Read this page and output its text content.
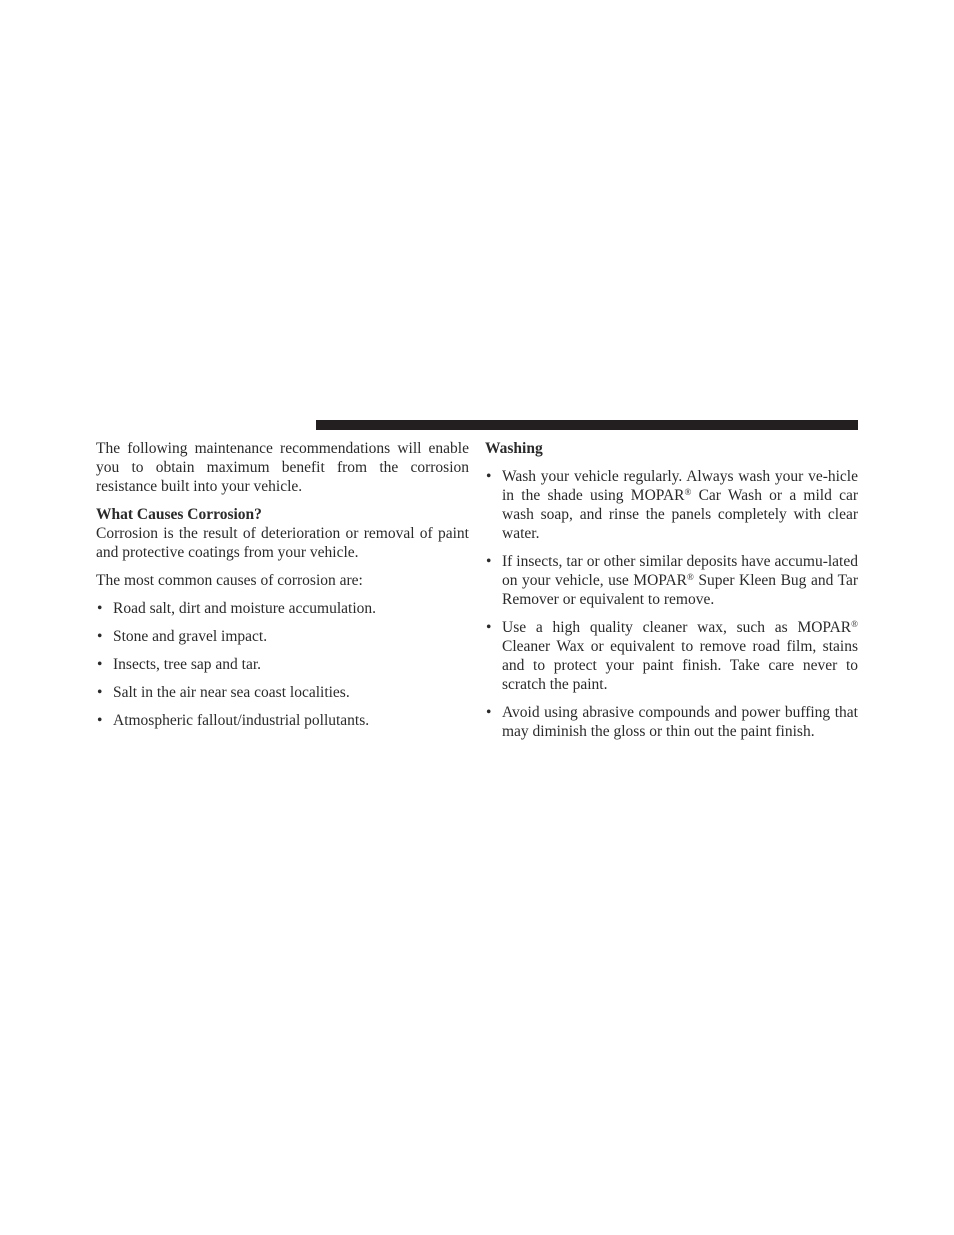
The following maintenance recommendations will enable you to obtain maximum benefit from the corrosion resistance built into your vehicle.

What Causes Corrosion?

Corrosion is the result of deterioration or removal of paint and protective coatings from your vehicle.

The most common causes of corrosion are:

• Road salt, dirt and moisture accumulation.
• Stone and gravel impact.
• Insects, tree sap and tar.
• Salt in the air near sea coast localities.
• Atmospheric fallout/industrial pollutants.

Washing

• Wash your vehicle regularly. Always wash your ve-hicle in the shade using MOPAR® Car Wash or a mild car wash soap, and rinse the panels completely with clear water.
• If insects, tar or other similar deposits have accumu-lated on your vehicle, use MOPAR® Super Kleen Bug and Tar Remover or equivalent to remove.
• Use a high quality cleaner wax, such as MOPAR® Cleaner Wax or equivalent to remove road film, stains and to protect your paint finish. Take care never to scratch the paint.
• Avoid using abrasive compounds and power buffing that may diminish the gloss or thin out the paint finish.
